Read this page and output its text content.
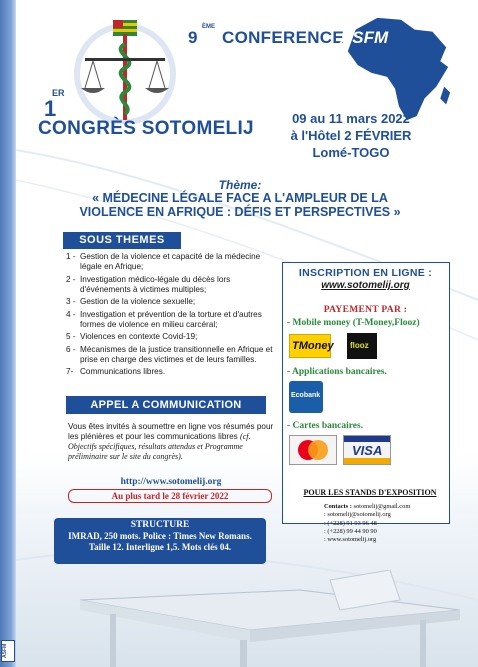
ASFM
1
ER
CONGRÈS SOTOMELIJ
9
ÈME
CONFERENCE
ASFM
09 au 11 mars 2022
à l'Hôtel 2 FÉVRIER
Lomé-TOGO
Thème:
« MÉDECINE LÉGALE FACE A L'AMPLEUR DE LA
VIOLENCE EN AFRIQUE : DÉFIS ET PERSPECTIVES »
SOUS THEMES
1 - Gestion de la violence et capacité de la médecine légale en Afrique;
2 - Investigation médico-légale du décès lors d'événements à victimes multiples;
3 - Gestion de la violence sexuelle;
4 - Investigation et prévention de la torture et d'autres formes de violence en milieu carcéral;
5 - Violences en contexte Covid-19;
6 - Mécanismes de la justice transitionnelle en Afrique et prise en charge des victimes et de leurs familles.
7- Communications libres.
APPEL A COMMUNICATION
Vous êtes invités à soumettre en ligne vos résumés pour les plénières et pour les communications libres (cf. Objectifs spécifiques, résultats attendus et Programme préliminaire sur le site du congrès).
http://www.sotomelij.org
Au plus tard le 28 février 2022
STRUCTURE
IMRAD, 250 mots. Police : Times New Romans.
Taille 12. Interligne 1,5. Mots clés 04.
INSCRIPTION EN LIGNE :
www.sotomelij.org
PAYEMENT PAR :
- Mobile money (T-Money,Flooz)
TMoney flooz
- Applications bancaires.
Ecobank
- Cartes bancaires.
VISA
POUR LES STANDS D'EXPOSITION
Contacts : sotomelij@gmail.com
: sotomelij@sotomelij.org
: (+228) 91 03 96 48
: (+228) 99 44 90 90
: www.sotomelij.org
